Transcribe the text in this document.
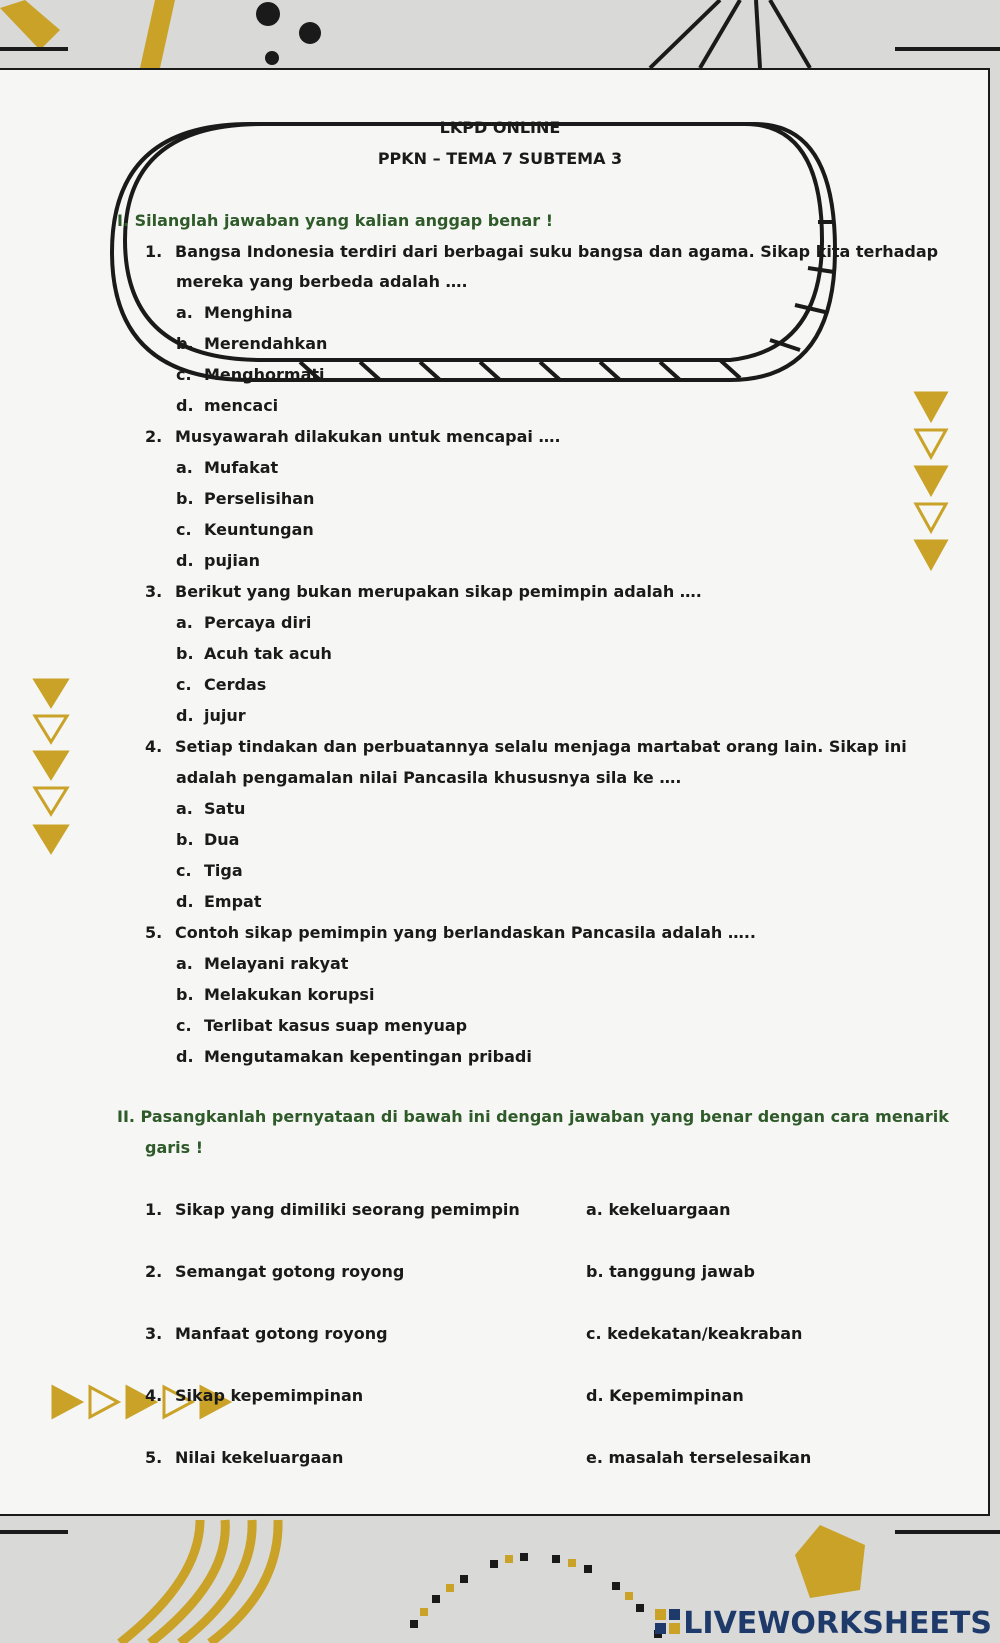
LKPD ONLINE
PPKN – TEMA 7 SUBTEMA 3
I. Silanglah jawaban yang kalian anggap benar !
1. Bangsa Indonesia terdiri dari berbagai suku bangsa dan agama. Sikap kita terhadap
mereka yang berbeda adalah ….
a. Menghina
b. Merendahkan
c. Menghormati
d. mencaci
2. Musyawarah dilakukan untuk mencapai ….
a. Mufakat
b. Perselisihan
c. Keuntungan
d. pujian
3. Berikut yang bukan merupakan sikap pemimpin adalah ….
a. Percaya diri
b. Acuh tak acuh
c. Cerdas
d. jujur
4. Setiap tindakan dan perbuatannya selalu menjaga martabat orang lain. Sikap ini
adalah pengamalan nilai Pancasila khususnya sila ke ….
a. Satu
b. Dua
c. Tiga
d. Empat
5. Contoh sikap pemimpin yang berlandaskan Pancasila adalah …..
a. Melayani rakyat
b. Melakukan korupsi
c. Terlibat kasus suap menyuap
d. Mengutamakan kepentingan pribadi
II. Pasangkanlah pernyataan di bawah ini dengan jawaban yang benar dengan cara menarik
garis !
1. Sikap yang dimiliki seorang pemimpin
2. Semangat gotong royong
3. Manfaat gotong royong
4. Sikap kepemimpinan
5. Nilai kekeluargaan
a. kekeluargaan
b. tanggung jawab
c. kedekatan/keakraban
d. Kepemimpinan
e. masalah terselesaikan
LIVEWORKSHEETS
